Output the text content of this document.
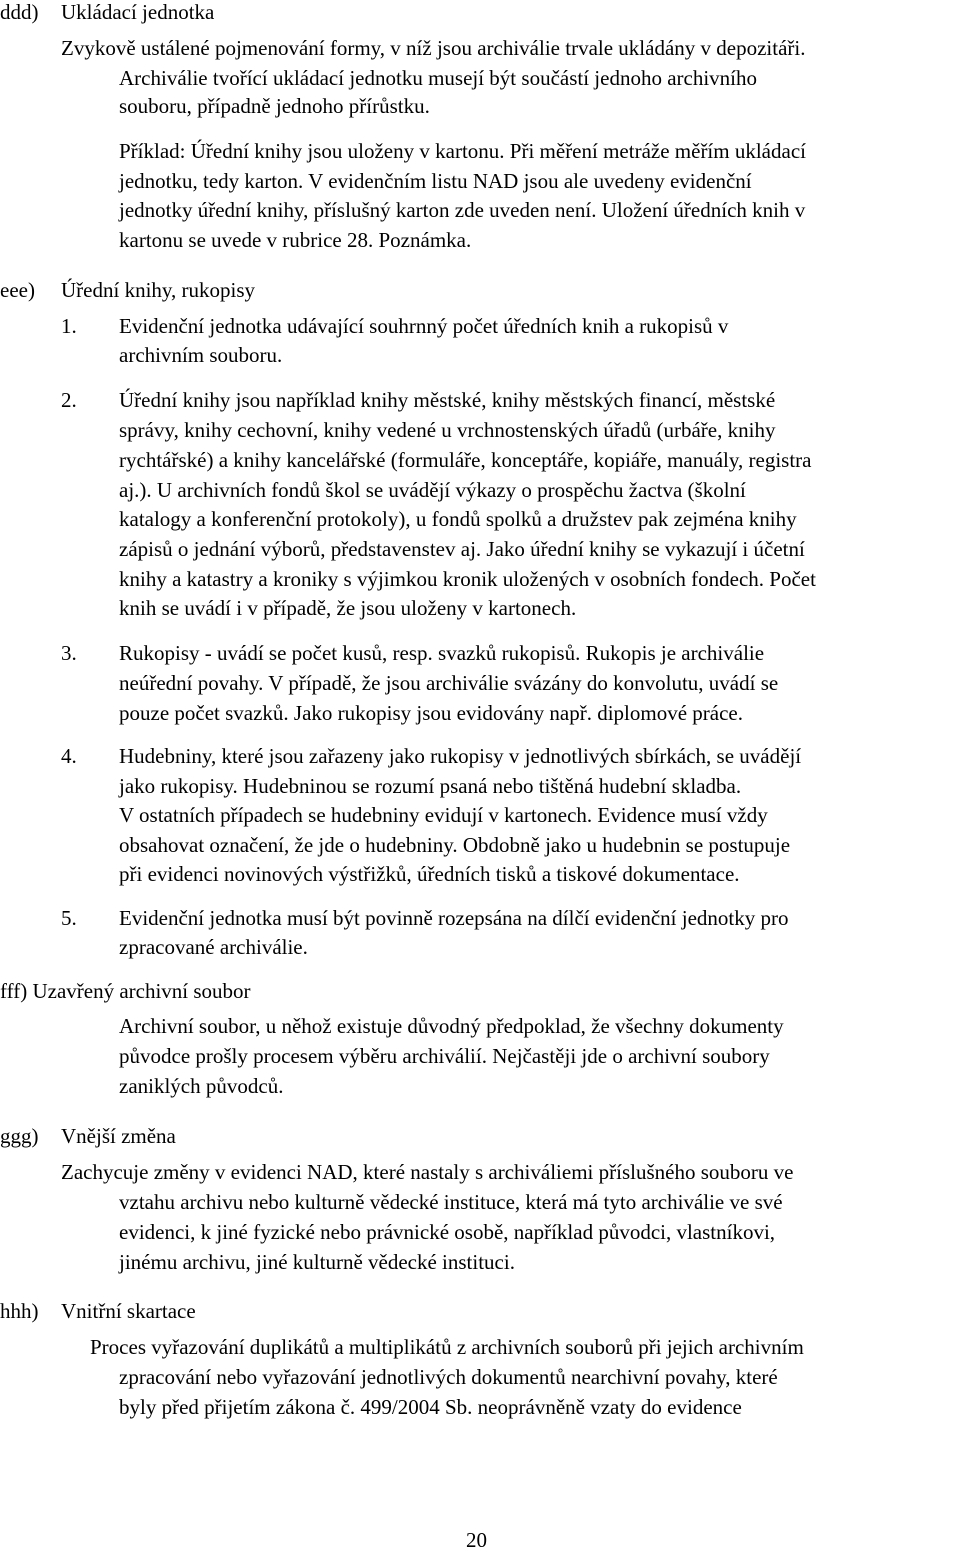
ddd) Ukládací jednotka
Zvykově ustálené pojmenování formy, v níž jsou archiválie trvale ukládány v depozitáři.
Archiválie tvořící ukládací jednotku musejí být součástí jednoho archivního
souboru, případně jednoho přírůstku.
Příklad: Úřední knihy jsou uloženy v kartonu. Při měření metráže měřím ukládací
jednotku, tedy karton. V evidenčním listu NAD jsou ale uvedeny evidenční
jednotky úřední knihy, příslušný karton zde uveden není. Uložení úředních knih v
kartonu se uvede v rubrice 28. Poznámka.
eee) Úřední knihy, rukopisy
1. Evidenční jednotka udávající souhrnný počet úředních knih a rukopisů v
archivním souboru.
2. Úřední knihy jsou například knihy městské, knihy městských financí, městské
správy, knihy cechovní, knihy vedené u vrchnostenských úřadů (urbáře, knihy
rychtářské) a knihy kancelářské (formuláře, konceptáře, kopiáře, manuály, registra
aj.). U archivních fondů škol se uvádějí výkazy o prospěchu žactva (školní
katalogy a konferenční protokoly), u fondů spolků a družstev pak zejména knihy
zápisů o jednání výborů, představenstev aj. Jako úřední knihy se vykazují i účetní
knihy a katastry a kroniky s výjimkou kronik uložených v osobních fondech. Počet
knih se uvádí i v případě, že jsou uloženy v kartonech.
3. Rukopisy - uvádí se počet kusů, resp. svazků rukopisů. Rukopis je archiválie
neúřední povahy. V případě, že jsou archiválie svázány do konvolutu, uvádí se
pouze počet svazků. Jako rukopisy jsou evidovány např. diplomové práce.
4. Hudebniny, které jsou zařazeny jako rukopisy v jednotlivých sbírkách, se uvádějí
jako rukopisy. Hudebninou se rozumí psaná nebo tištěná hudební skladba.
V ostatních případech se hudebniny evidují v kartonech. Evidence musí vždy
obsahovat označení, že jde o hudebniny. Obdobně jako u hudebnin se postupuje
při evidenci novinových výstřižků, úředních tisků a tiskové dokumentace.
5. Evidenční jednotka musí být povinně rozepsána na dílčí evidenční jednotky pro
zpracované archiválie.
fff) Uzavřený archivní soubor
Archivní soubor, u něhož existuje důvodný předpoklad, že všechny dokumenty
původce prošly procesem výběru archiválií. Nejčastěji jde o archivní soubory
zaniklých původců.
ggg) Vnější změna
Zachycuje změny v evidenci NAD, které nastaly s archiváliemi příslušného souboru ve
vztahu archivu nebo kulturně vědecké instituce, která má tyto archiválie ve své
evidenci, k jiné fyzické nebo právnické osobě, například původci, vlastníkovi,
jinému archivu, jiné kulturně vědecké instituci.
hhh) Vnitřní skartace
Proces vyřazování duplikátů a multiplikátů z archivních souborů při jejich archivním
zpracování nebo vyřazování jednotlivých dokumentů nearchivní povahy, které
byly před přijetím zákona č. 499/2004 Sb. neoprávněně vzaty do evidence
20
